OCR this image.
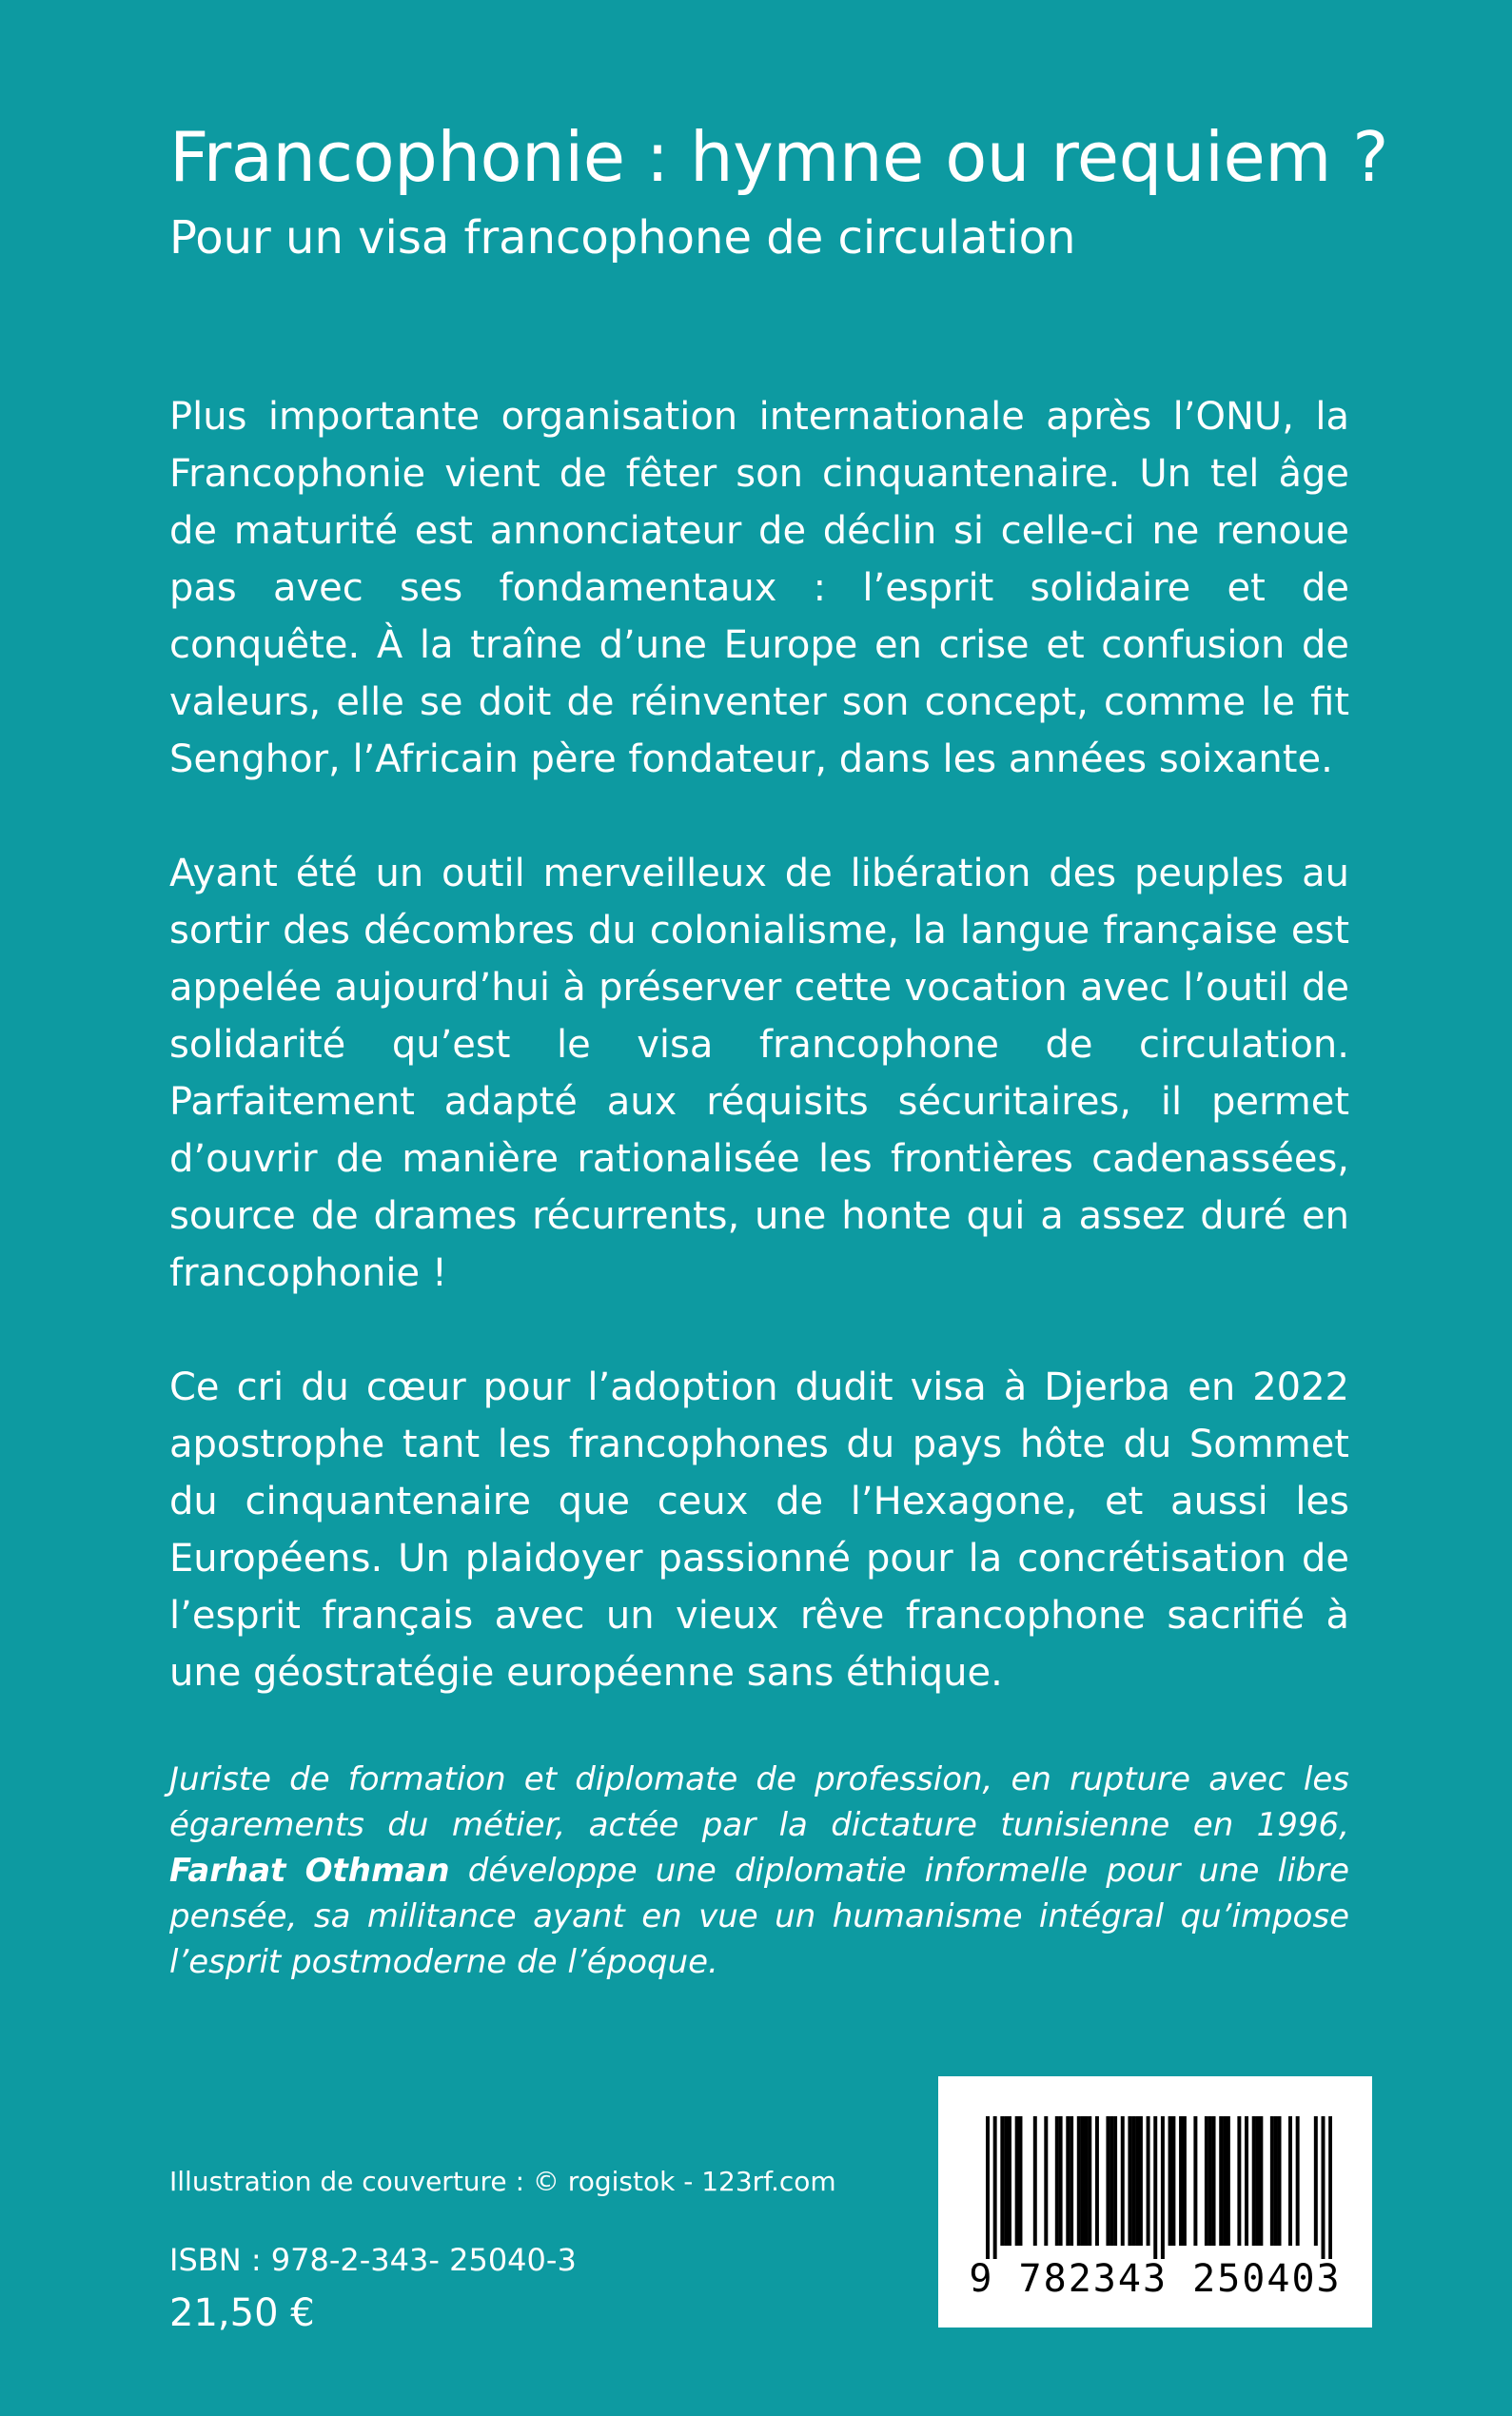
Francophonie : hymne ou requiem ?
Pour un visa francophone de circulation

Plus importante organisation internationale après l’ONU, la Francophonie vient de fêter son cinquantenaire. Un tel âge de maturité est annonciateur de déclin si celle-ci ne renoue pas avec ses fondamentaux : l’esprit solidaire et de conquête. À la traîne d’une Europe en crise et confusion de valeurs, elle se doit de réinventer son concept, comme le fit Senghor, l’Africain père fondateur, dans les années soixante.

Ayant été un outil merveilleux de libération des peuples au sortir des décombres du colonialisme, la langue française est appelée aujourd’hui à préserver cette vocation avec l’outil de solidarité qu’est le visa francophone de circulation. Parfaitement adapté aux réquisits sécuritaires, il permet d’ouvrir de manière rationalisée les frontières cadenassées, source de drames récurrents, une honte qui a assez duré en francophonie !

Ce cri du cœur pour l’adoption dudit visa à Djerba en 2022 apostrophe tant les francophones du pays hôte du Sommet du cinquantenaire que ceux de l’Hexagone, et aussi les Européens. Un plaidoyer passionné pour la concrétisation de l’esprit français avec un vieux rêve francophone sacrifié à une géostratégie européenne sans éthique.

Juriste de formation et diplomate de profession, en rupture avec les égarements du métier, actée par la dictature tunisienne en 1996, Farhat Othman développe une diplomatie informelle pour une libre pensée, sa militance ayant en vue un humanisme intégral qu’impose l’esprit postmoderne de l’époque.

Illustration de couverture : © rogistok - 123rf.com
ISBN : 978-2-343- 25040-3
21,50 €
9 782343 250403
